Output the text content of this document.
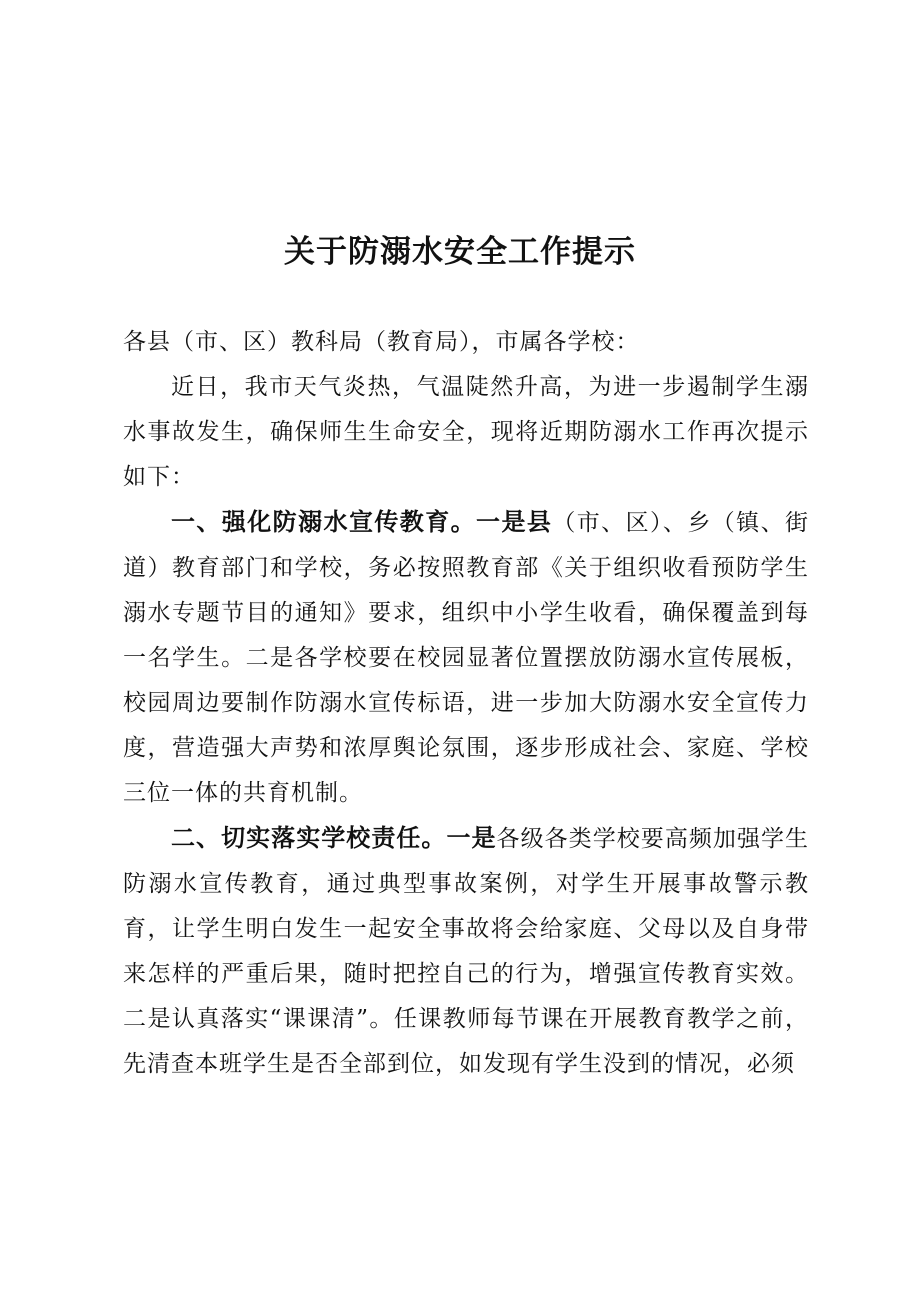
关于防溺水安全工作提示

各县（市、区）教科局（教育局），市属各学校：

近日，我市天气炎热，气温陡然升高，为进一步遏制学生溺水事故发生，确保师生生命安全，现将近期防溺水工作再次提示如下：

一、强化防溺水宣传教育。一是县（市、区）、乡（镇、街道）教育部门和学校，务必按照教育部《关于组织收看预防学生溺水专题节目的通知》要求，组织中小学生收看，确保覆盖到每一名学生。二是各学校要在校园显著位置摆放防溺水宣传展板，校园周边要制作防溺水宣传标语，进一步加大防溺水安全宣传力度，营造强大声势和浓厚舆论氛围，逐步形成社会、家庭、学校三位一体的共育机制。

二、切实落实学校责任。一是各级各类学校要高频加强学生防溺水宣传教育，通过典型事故案例，对学生开展事故警示教育，让学生明白发生一起安全事故将会给家庭、父母以及自身带来怎样的严重后果，随时把控自己的行为，增强宣传教育实效。二是认真落实“课课清”。任课教师每节课在开展教育教学之前，先清查本班学生是否全部到位，如发现有学生没到的情况，必须
